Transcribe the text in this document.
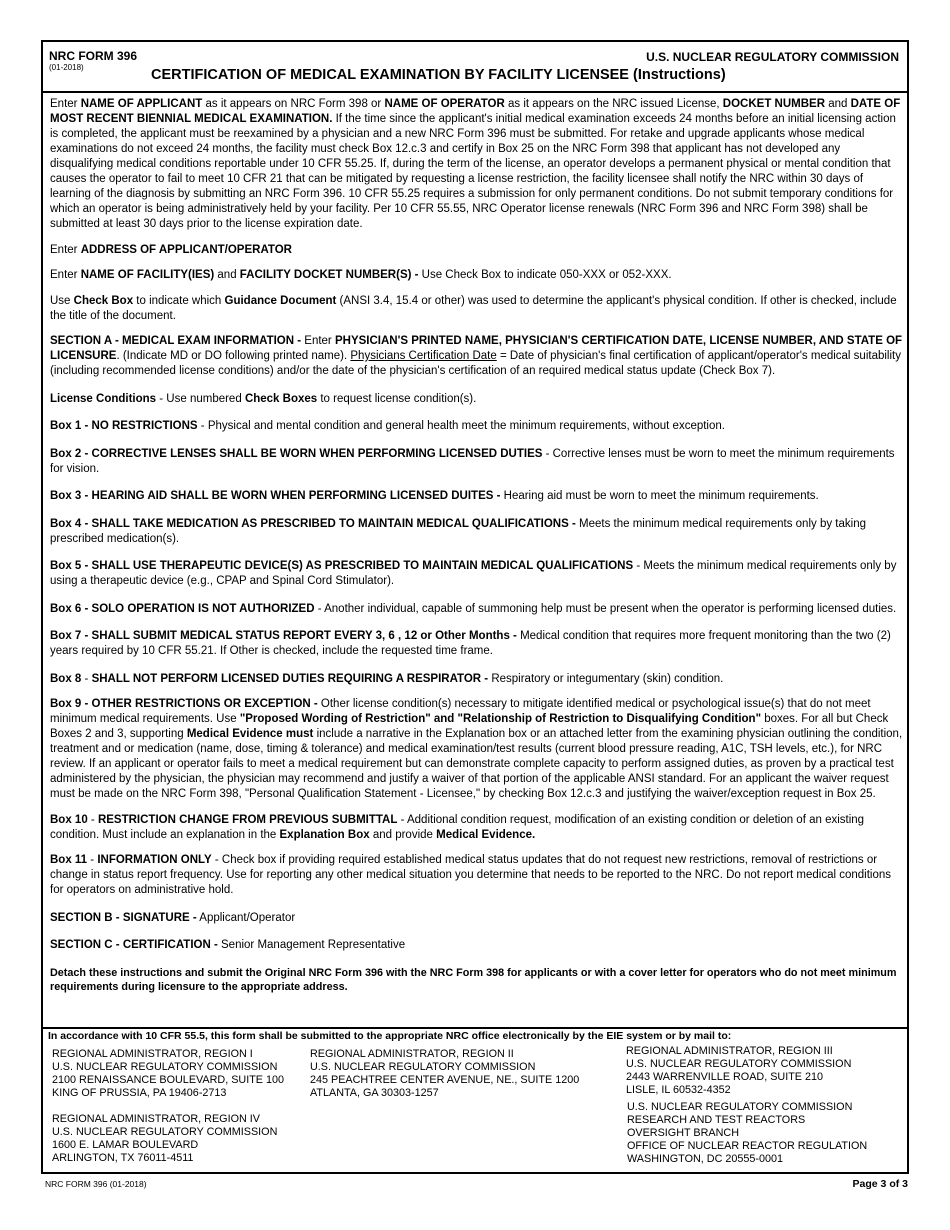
NRC FORM 396
(01-2018)
U.S. NUCLEAR REGULATORY COMMISSION
CERTIFICATION OF MEDICAL EXAMINATION BY FACILITY LICENSEE (Instructions)

Enter NAME OF APPLICANT as it appears on NRC Form 398 or NAME OF OPERATOR as it appears on the NRC issued License, DOCKET NUMBER and DATE OF MOST RECENT BIENNIAL MEDICAL EXAMINATION. If the time since the applicant's initial medical examination exceeds 24 months before an initial licensing action is completed, the applicant must be reexamined by a physician and a new NRC Form 396 must be submitted. For retake and upgrade applicants whose medical examinations do not exceed 24 months, the facility must check Box 12.c.3 and certify in Box 25 on the NRC Form 398 that applicant has not developed any disqualifying medical conditions reportable under 10 CFR 55.25. If, during the term of the license, an operator develops a permanent physical or mental condition that causes the operator to fail to meet 10 CFR 21 that can be mitigated by requesting a license restriction, the facility licensee shall notify the NRC within 30 days of learning of the diagnosis by submitting an NRC Form 396. 10 CFR 55.25 requires a submission for only permanent conditions. Do not submit temporary conditions for which an operator is being administratively held by your facility. Per 10 CFR 55.55, NRC Operator license renewals (NRC Form 396 and NRC Form 398) shall be submitted at least 30 days prior to the license expiration date.

Enter ADDRESS OF APPLICANT/OPERATOR

Enter NAME OF FACILITY(IES) and FACILITY DOCKET NUMBER(S) - Use Check Box to indicate 050-XXX or 052-XXX.

Use Check Box to indicate which Guidance Document (ANSI 3.4, 15.4 or other) was used to determine the applicant's physical condition. If other is checked, include the title of the document.

SECTION A - MEDICAL EXAM INFORMATION - Enter PHYSICIAN'S PRINTED NAME, PHYSICIAN'S CERTIFICATION DATE, LICENSE NUMBER, AND STATE OF LICENSURE. (Indicate MD or DO following printed name). Physicians Certification Date = Date of physician's final certification of applicant/operator's medical suitability (including recommended license conditions) and/or the date of the physician's certification of an required medical status update (Check Box 7).

License Conditions - Use numbered Check Boxes to request license condition(s).

Box 1 - NO RESTRICTIONS - Physical and mental condition and general health meet the minimum requirements, without exception.

Box 2 - CORRECTIVE LENSES SHALL BE WORN WHEN PERFORMING LICENSED DUTIES - Corrective lenses must be worn to meet the minimum requirements for vision.

Box 3 - HEARING AID SHALL BE WORN WHEN PERFORMING LICENSED DUITES - Hearing aid must be worn to meet the minimum requirements.

Box 4 - SHALL TAKE MEDICATION AS PRESCRIBED TO MAINTAIN MEDICAL QUALIFICATIONS - Meets the minimum medical requirements only by taking prescribed medication(s).

Box 5 - SHALL USE THERAPEUTIC DEVICE(S) AS PRESCRIBED TO MAINTAIN MEDICAL QUALIFICATIONS - Meets the minimum medical requirements only by using a therapeutic device (e.g., CPAP and Spinal Cord Stimulator).

Box 6 - SOLO OPERATION IS NOT AUTHORIZED - Another individual, capable of summoning help must be present when the operator is performing licensed duties.

Box 7 - SHALL SUBMIT MEDICAL STATUS REPORT EVERY 3, 6 , 12 or Other Months - Medical condition that requires more frequent monitoring than the two (2) years required by 10 CFR 55.21. If Other is checked, include the requested time frame.

Box 8 - SHALL NOT PERFORM LICENSED DUTIES REQUIRING A RESPIRATOR - Respiratory or integumentary (skin) condition.

Box 9 - OTHER RESTRICTIONS OR EXCEPTION - Other license condition(s) necessary to mitigate identified medical or psychological issue(s) that do not meet minimum medical requirements. Use "Proposed Wording of Restriction" and "Relationship of Restriction to Disqualifying Condition" boxes. For all but Check Boxes 2 and 3, supporting Medical Evidence must include a narrative in the Explanation box or an attached letter from the examining physician outlining the condition, treatment and or medication (name, dose, timing & tolerance) and medical examination/test results (current blood pressure reading, A1C, TSH levels, etc.), for NRC review. If an applicant or operator fails to meet a medical requirement but can demonstrate complete capacity to perform assigned duties, as proven by a practical test administered by the physician, the physician may recommend and justify a waiver of that portion of the applicable ANSI standard. For an applicant the waiver request must be made on the NRC Form 398, "Personal Qualification Statement - Licensee," by checking Box 12.c.3 and justifying the waiver/exception request in Box 25.

Box 10 - RESTRICTION CHANGE FROM PREVIOUS SUBMITTAL - Additional condition request, modification of an existing condition or deletion of an existing condition. Must include an explanation in the Explanation Box and provide Medical Evidence.

Box 11 - INFORMATION ONLY - Check box if providing required established medical status updates that do not request new restrictions, removal of restrictions or change in status report frequency. Use for reporting any other medical situation you determine that needs to be reported to the NRC. Do not report medical conditions for operators on administrative hold.

SECTION B - SIGNATURE - Applicant/Operator

SECTION C - CERTIFICATION - Senior Management Representative

Detach these instructions and submit the Original NRC Form 396 with the NRC Form 398 for applicants or with a cover letter for operators who do not meet minimum requirements during licensure to the appropriate address.

In accordance with 10 CFR 55.5, this form shall be submitted to the appropriate NRC office electronically by the EIE system or by mail to:
REGIONAL ADMINISTRATOR, REGION I
U.S. NUCLEAR REGULATORY COMMISSION
2100 RENAISSANCE BOULEVARD, SUITE 100
KING OF PRUSSIA, PA 19406-2713
REGIONAL ADMINISTRATOR, REGION II
U.S. NUCLEAR REGULATORY COMMISSION
245 PEACHTREE CENTER AVENUE, NE., SUITE 1200
ATLANTA, GA 30303-1257
REGIONAL ADMINISTRATOR, REGION III
U.S. NUCLEAR REGULATORY COMMISSION
2443 WARRENVILLE ROAD, SUITE 210
LISLE, IL 60532-4352
REGIONAL ADMINISTRATOR, REGION IV
U.S. NUCLEAR REGULATORY COMMISSION
1600 E. LAMAR BOULEVARD
ARLINGTON, TX 76011-4511
U.S. NUCLEAR REGULATORY COMMISSION
RESEARCH AND TEST REACTORS
OVERSIGHT BRANCH
OFFICE OF NUCLEAR REACTOR REGULATION
WASHINGTON, DC 20555-0001
NRC FORM 396 (01-2018)	Page 3 of 3
